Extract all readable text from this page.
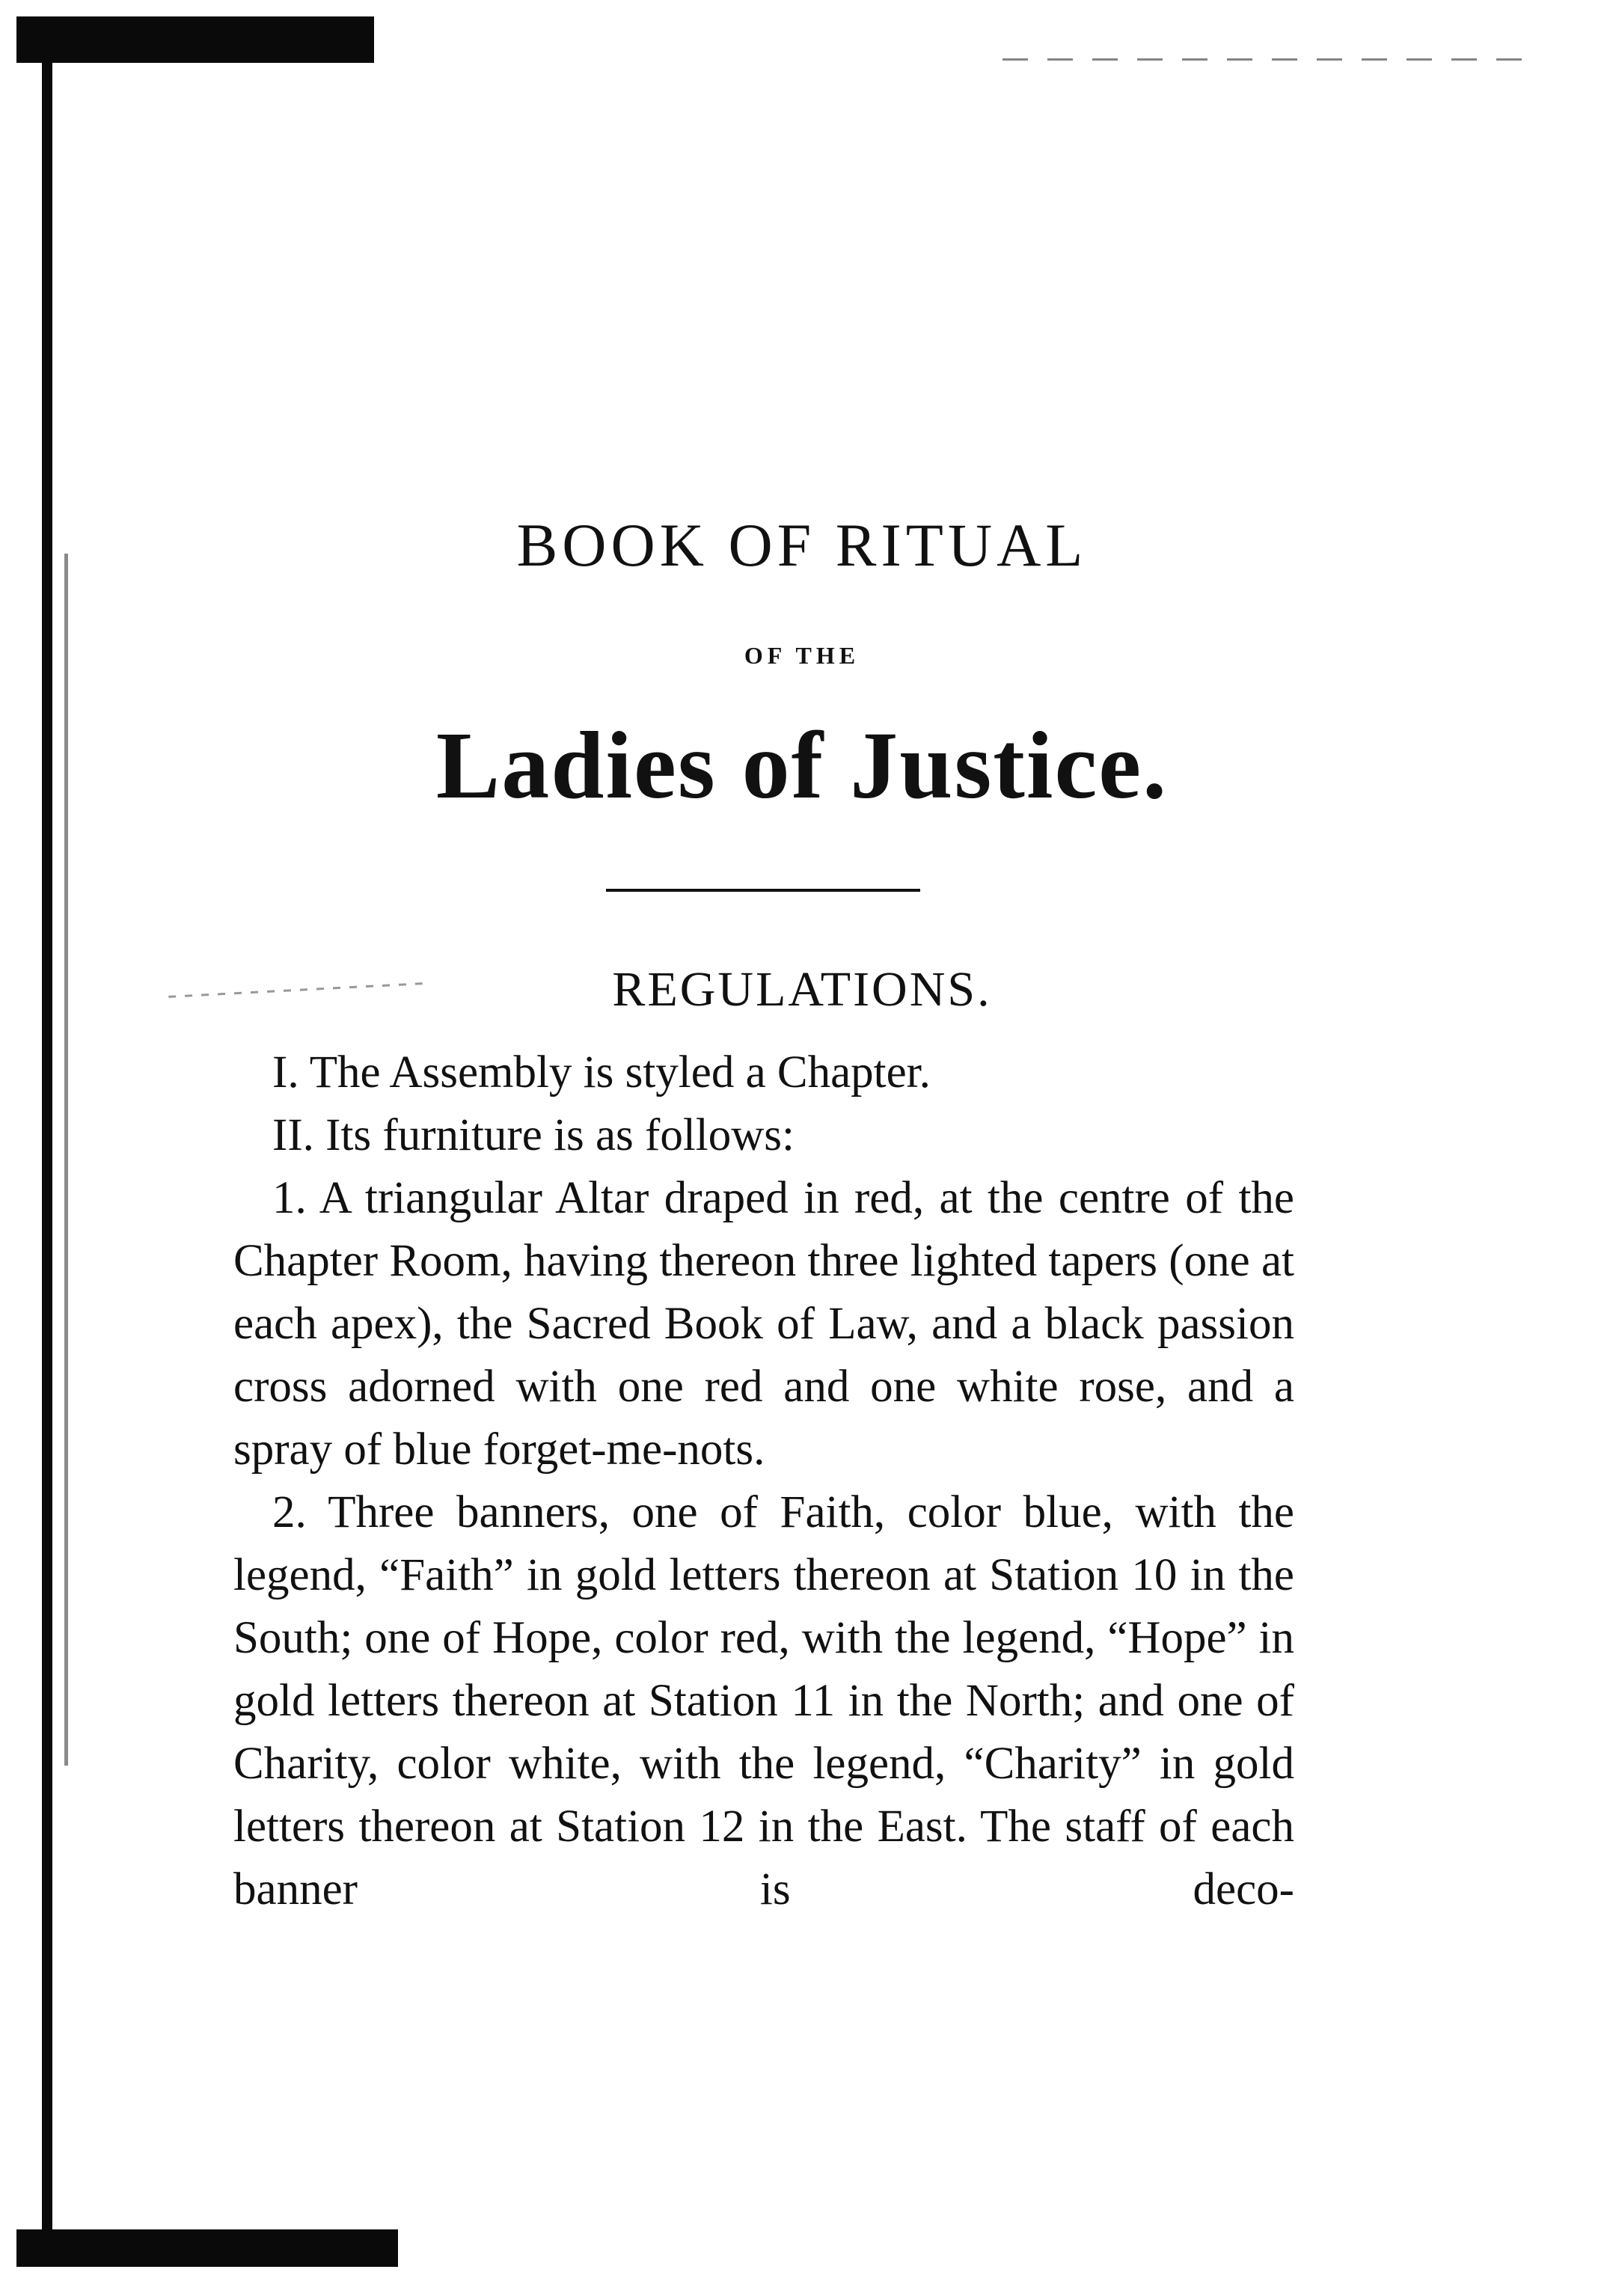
BOOK OF RITUAL
OF THE
Ladies of Justice.
REGULATIONS.

I. The Assembly is styled a Chapter.

II. Its furniture is as follows:

1. A triangular Altar draped in red, at the centre of the Chapter Room, having thereon three lighted tapers (one at each apex), the Sacred Book of Law, and a black passion cross adorned with one red and one white rose, and a spray of blue forget-me-nots.

2. Three banners, one of Faith, color blue, with the legend, “Faith” in gold letters thereon at Station 10 in the South; one of Hope, color red, with the legend, “Hope” in gold letters thereon at Station 11 in the North; and one of Charity, color white, with the legend, “Charity” in gold letters thereon at Station 12 in the East. The staff of each banner is deco-
